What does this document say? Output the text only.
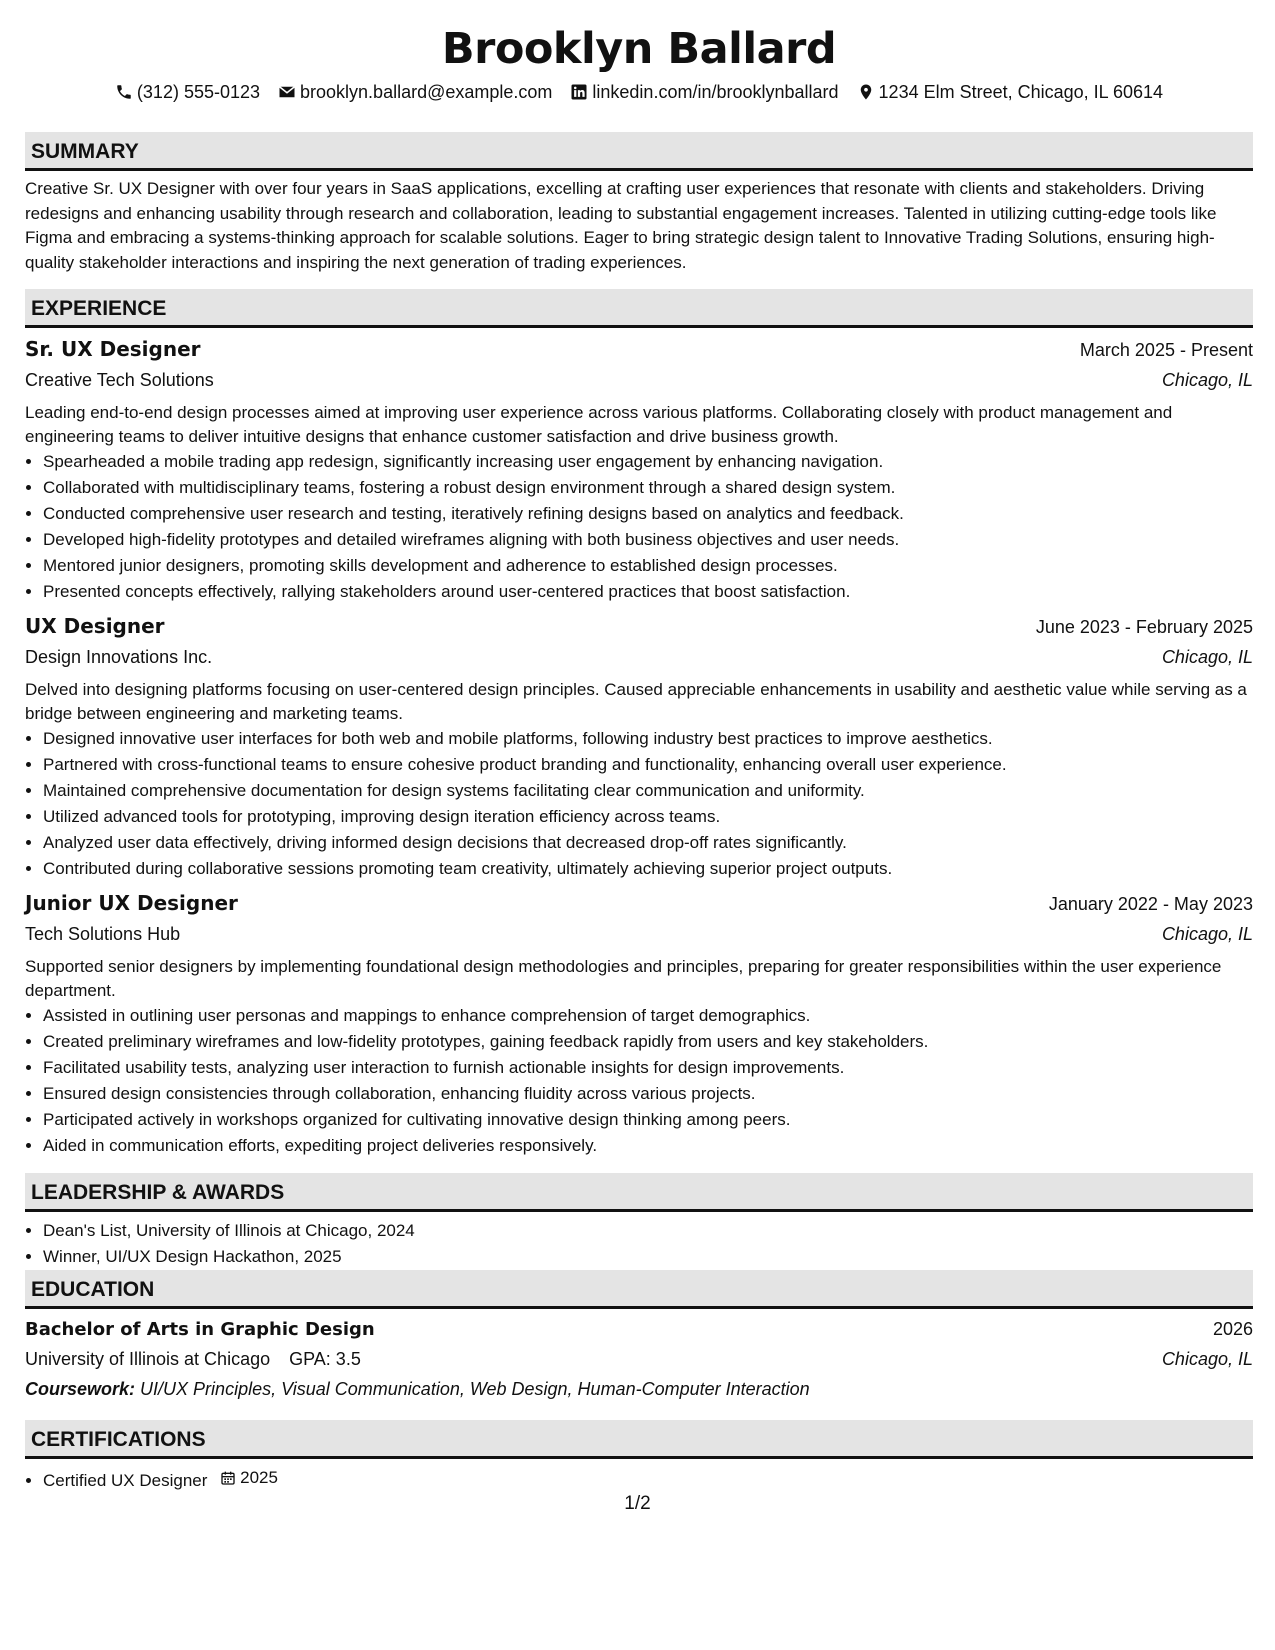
Brooklyn Ballard
(312) 555-0123 brooklyn.ballard@example.com linkedin.com/in/brooklynballard 1234 Elm Street, Chicago, IL 60614
SUMMARY

Creative Sr. UX Designer with over four years in SaaS applications, excelling at crafting user experiences that resonate with clients and stakeholders. Driving redesigns and enhancing usability through research and collaboration, leading to substantial engagement increases. Talented in utilizing cutting-edge tools like Figma and embracing a systems-thinking approach for scalable solutions. Eager to bring strategic design talent to Innovative Trading Solutions, ensuring high-quality stakeholder interactions and inspiring the next generation of trading experiences.

EXPERIENCE
Sr. UX Designer	March 2025 - Present
Creative Tech Solutions	Chicago, IL

Leading end-to-end design processes aimed at improving user experience across various platforms. Collaborating closely with product management and engineering teams to deliver intuitive designs that enhance customer satisfaction and drive business growth.

• Spearheaded a mobile trading app redesign, significantly increasing user engagement by enhancing navigation.
• Collaborated with multidisciplinary teams, fostering a robust design environment through a shared design system.
• Conducted comprehensive user research and testing, iteratively refining designs based on analytics and feedback.
• Developed high-fidelity prototypes and detailed wireframes aligning with both business objectives and user needs.
• Mentored junior designers, promoting skills development and adherence to established design processes.
• Presented concepts effectively, rallying stakeholders around user-centered practices that boost satisfaction.
UX Designer	June 2023 - February 2025
Design Innovations Inc.	Chicago, IL

Delved into designing platforms focusing on user-centered design principles. Caused appreciable enhancements in usability and aesthetic value while serving as a bridge between engineering and marketing teams.

• Designed innovative user interfaces for both web and mobile platforms, following industry best practices to improve aesthetics.
• Partnered with cross-functional teams to ensure cohesive product branding and functionality, enhancing overall user experience.
• Maintained comprehensive documentation for design systems facilitating clear communication and uniformity.
• Utilized advanced tools for prototyping, improving design iteration efficiency across teams.
• Analyzed user data effectively, driving informed design decisions that decreased drop-off rates significantly.
• Contributed during collaborative sessions promoting team creativity, ultimately achieving superior project outputs.
Junior UX Designer	January 2022 - May 2023
Tech Solutions Hub	Chicago, IL

Supported senior designers by implementing foundational design methodologies and principles, preparing for greater responsibilities within the user experience department.

• Assisted in outlining user personas and mappings to enhance comprehension of target demographics.
• Created preliminary wireframes and low-fidelity prototypes, gaining feedback rapidly from users and key stakeholders.
• Facilitated usability tests, analyzing user interaction to furnish actionable insights for design improvements.
• Ensured design consistencies through collaboration, enhancing fluidity across various projects.
• Participated actively in workshops organized for cultivating innovative design thinking among peers.
• Aided in communication efforts, expediting project deliveries responsively.
LEADERSHIP & AWARDS
• Dean's List, University of Illinois at Chicago, 2024
• Winner, UI/UX Design Hackathon, 2025
EDUCATION
Bachelor of Arts in Graphic Design	2026
University of Illinois at Chicago GPA: 3.5	Chicago, IL
Coursework: UI/UX Principles, Visual Communication, Web Design, Human-Computer Interaction
CERTIFICATIONS
• Certified UX Designer 2025
1/2
